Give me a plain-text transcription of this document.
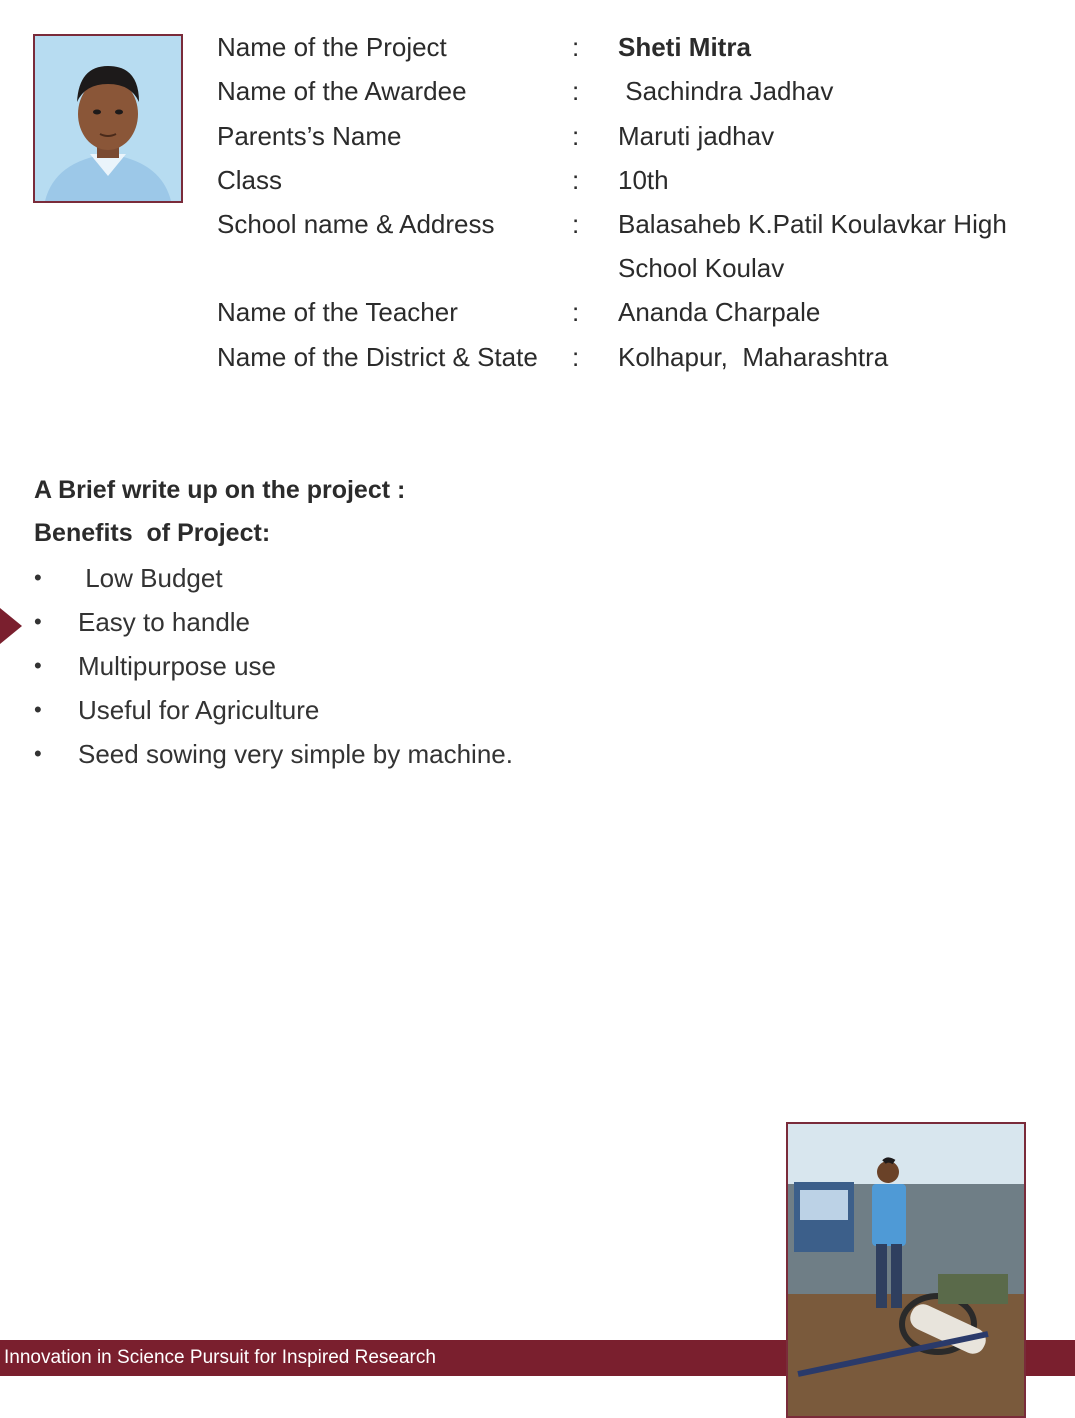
Name of the Project	: Sheti Mitra
Name of the Awardee	: Sachindra Jadhav
Parents’s Name	: Maruti jadhav
Class	: 10th
School name & Address	: Balasaheb K.Patil Koulavkar High
School Koulav
Name of the Teacher	: Ananda Charpale
Name of the District & State : Kolhapur,  Maharashtra
A Brief write up on the project :
Benefits  of Project:
• Low Budget
• Easy to handle
• Multipurpose use
• Useful for Agriculture
• Seed sowing very simple by machine.
Innovation in Science Pursuit for Inspired Research
